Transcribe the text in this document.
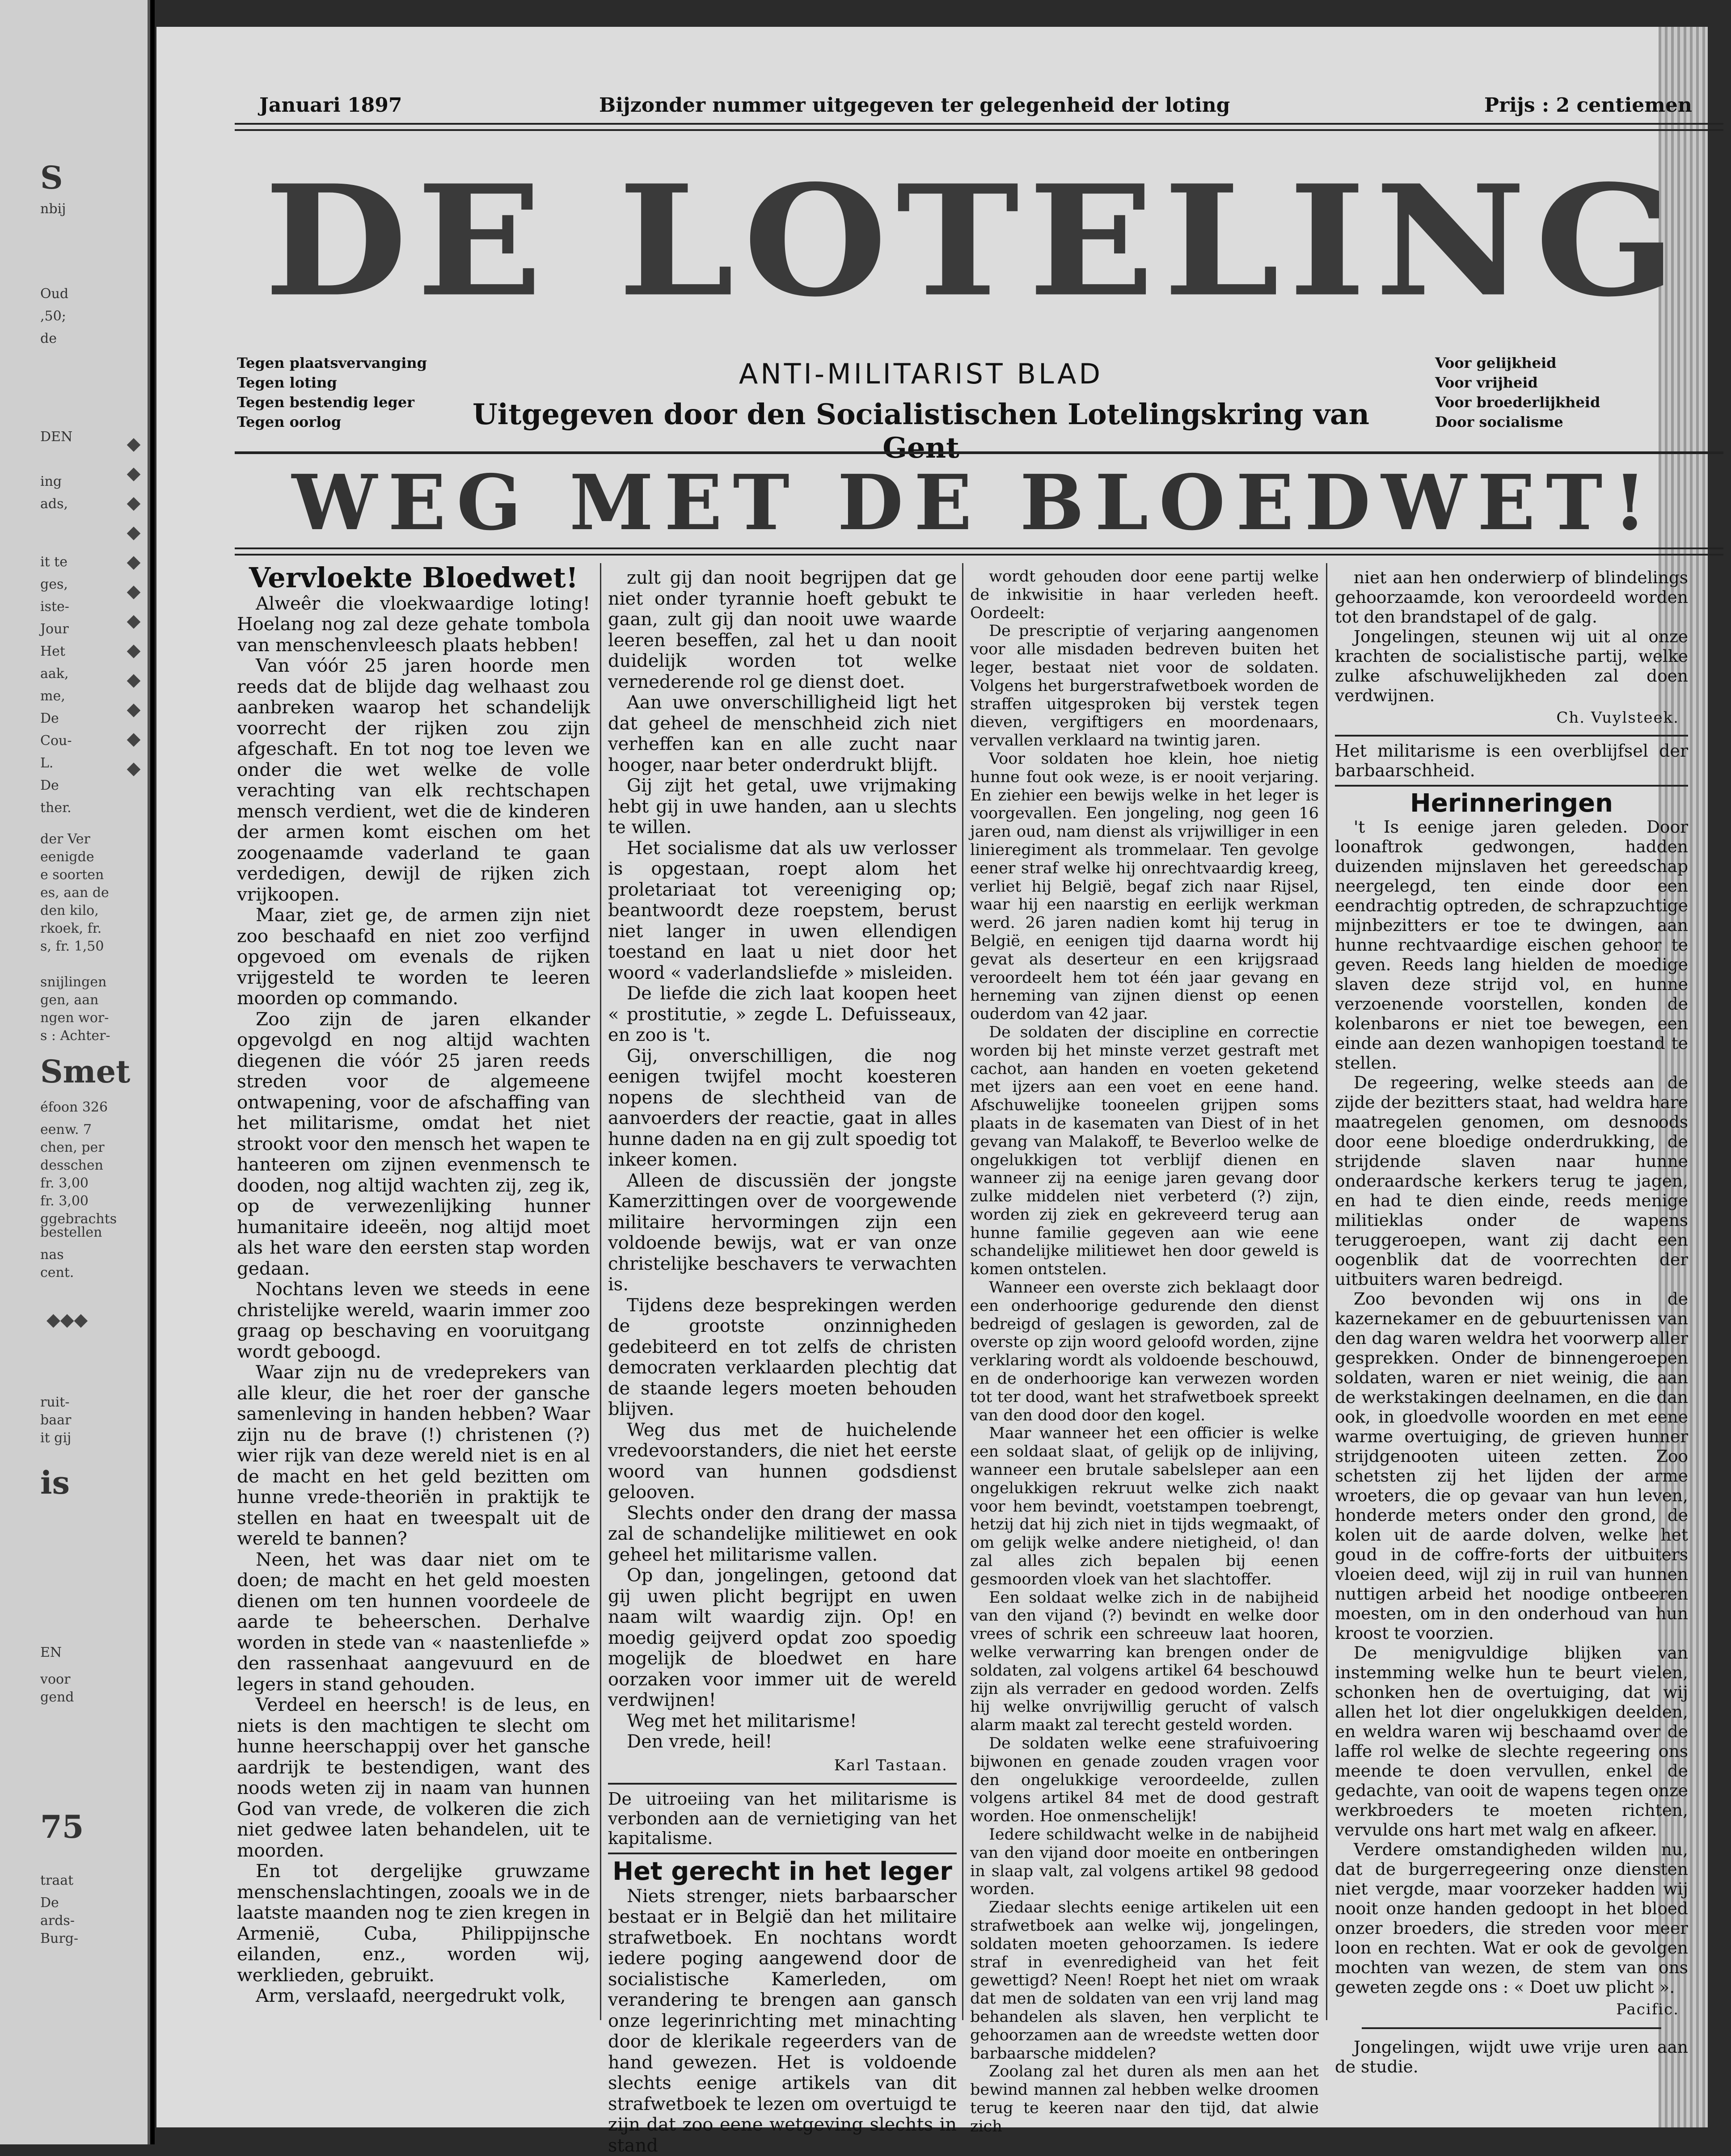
S
nbij
Oud
,50;
de
DEN
ing
ads,
it te
ges,
iste-
Jour
Het
aak,
me,
De
Cou-
L.
De
ther.
der Ver
eenigde
e soorten
es, aan de
den kilo,
rkoek, fr.
s, fr. 1,50
snijlingen
gen, aan
ngen wor-
s : Achter-
Smet
éfoon 326
eenw. 7
chen, per
desschen
fr. 3,00
fr. 3,00
ggebrachts
bestellen
nas
cent.
ruit-
baar
it gij
is
EN
voor
gend
75
traat
De
ards-
Burg-
◆
◆
◆
◆
◆
◆
◆
◆
◆
◆
◆
◆
◆◆◆
Januari 1897	Bijzonder nummer uitgegeven ter gelegenheid der loting	Prijs : 2 centiemen
DE LOTELING
Tegen plaatsvervanging
Tegen loting
Tegen bestendig leger
Tegen oorlog
ANTI-MILITARIST BLAD
Uitgegeven door den Socialistischen Lotelingskring van Gent
Voor gelijkheid
Voor vrijheid
Voor broederlijkheid
Door socialisme
WEG MET DE BLOEDWET!
Vervloekte Bloedwet!

Alweêr die vloekwaardige loting! Hoelang nog zal deze gehate tombola van menschenvleesch plaats hebben!

Van vóór 25 jaren hoorde men reeds dat de blijde dag welhaast zou aanbreken waarop het schandelijk voorrecht der rijken zou zijn afgeschaft. En tot nog toe leven we onder die wet welke de volle verachting van elk rechtschapen mensch verdient, wet die de kinderen der armen komt eischen om het zoogenaamde vaderland te gaan verdedigen, dewijl de rijken zich vrijkoopen.

Maar, ziet ge, de armen zijn niet zoo beschaafd en niet zoo verfijnd opgevoed om evenals de rijken vrijgesteld te worden te leeren moorden op commando.

Zoo zijn de jaren elkander opgevolgd en nog altijd wachten diegenen die vóór 25 jaren reeds streden voor de algemeene ontwapening, voor de afschaffing van het militarisme, omdat het niet strookt voor den mensch het wapen te hanteeren om zijnen evenmensch te dooden, nog altijd wachten zij, zeg ik, op de verwezenlijking hunner humanitaire ideeën, nog altijd moet als het ware den eersten stap worden gedaan.

Nochtans leven we steeds in eene christelijke wereld, waarin immer zoo graag op beschaving en vooruitgang wordt geboogd.

Waar zijn nu de vredeprekers van alle kleur, die het roer der gansche samenleving in handen hebben? Waar zijn nu de brave (!) christenen (?) wier rijk van deze wereld niet is en al de macht en het geld bezitten om hunne vrede-theoriën in praktijk te stellen en haat en tweespalt uit de wereld te bannen?

Neen, het was daar niet om te doen; de macht en het geld moesten dienen om ten hunnen voordeele de aarde te beheerschen. Derhalve worden in stede van « naastenliefde » den rassenhaat aangevuurd en de legers in stand gehouden.

Verdeel en heersch! is de leus, en niets is den machtigen te slecht om hunne heerschappij over het gansche aardrijk te bestendigen, want des noods weten zij in naam van hunnen God van vrede, de volkeren die zich niet gedwee laten behandelen, uit te moorden.

En tot dergelijke gruwzame menschenslachtingen, zooals we in de laatste maanden nog te zien kregen in Armenië, Cuba, Philippijnsche eilanden, enz., worden wij, werklieden, gebruikt.

Arm, verslaafd, neergedrukt volk,

zult gij dan nooit begrijpen dat ge niet onder tyrannie hoeft gebukt te gaan, zult gij dan nooit uwe waarde leeren beseffen, zal het u dan nooit duidelijk worden tot welke vernederende rol ge dienst doet.

Aan uwe onverschilligheid ligt het dat geheel de menschheid zich niet verheffen kan en alle zucht naar hooger, naar beter onderdrukt blijft.

Gij zijt het getal, uwe vrijmaking hebt gij in uwe handen, aan u slechts te willen.

Het socialisme dat als uw verlosser is opgestaan, roept alom het proletariaat tot vereeniging op; beantwoordt deze roepstem, berust niet langer in uwen ellendigen toestand en laat u niet door het woord « vaderlandsliefde » misleiden.

De liefde die zich laat koopen heet « prostitutie, » zegde L. Defuisseaux, en zoo is 't.

Gij, onverschilligen, die nog eenigen twijfel mocht koesteren nopens de slechtheid van de aanvoerders der reactie, gaat in alles hunne daden na en gij zult spoedig tot inkeer komen.

Alleen de discussiën der jongste Kamerzittingen over de voorgewende militaire hervormingen zijn een voldoende bewijs, wat er van onze christelijke beschavers te verwachten is.

Tijdens deze besprekingen werden de grootste onzinnigheden gedebiteerd en tot zelfs de christen democraten verklaarden plechtig dat de staande legers moeten behouden blijven.

Weg dus met de huichelende vredevoorstanders, die niet het eerste woord van hunnen godsdienst gelooven.

Slechts onder den drang der massa zal de schandelijke militiewet en ook geheel het militarisme vallen.

Op dan, jongelingen, getoond dat gij uwen plicht begrijpt en uwen naam wilt waardig zijn. Op! en moedig geijverd opdat zoo spoedig mogelijk de bloedwet en hare oorzaken voor immer uit de wereld verdwijnen!

Weg met het militarisme!

Den vrede, heil!

Karl Tastaan.

De uitroeiing van het militarisme is verbonden aan de vernietiging van het kapitalisme.
Het gerecht in het leger

Niets strenger, niets barbaarscher bestaat er in België dan het militaire strafwetboek. En nochtans wordt iedere poging aangewend door de socialistische Kamerleden, om verandering te brengen aan gansch onze legerinrichting met minachting door de klerikale regeerders van de hand gewezen. Het is voldoende slechts eenige artikels van dit strafwetboek te lezen om overtuigd te zijn dat zoo eene wetgeving slechts in stand

wordt gehouden door eene partij welke de inkwisitie in haar verleden heeft. Oordeelt:

De prescriptie of verjaring aangenomen voor alle misdaden bedreven buiten het leger, bestaat niet voor de soldaten. Volgens het burgerstrafwetboek worden de straffen uitgesproken bij verstek tegen dieven, vergiftigers en moordenaars, vervallen verklaard na twintig jaren.

Voor soldaten hoe klein, hoe nietig hunne fout ook weze, is er nooit verjaring. En ziehier een bewijs welke in het leger is voorgevallen. Een jongeling, nog geen 16 jaren oud, nam dienst als vrijwilliger in een linieregiment als trommelaar. Ten gevolge eener straf welke hij onrechtvaardig kreeg, verliet hij België, begaf zich naar Rijsel, waar hij een naarstig en eerlijk werkman werd. 26 jaren nadien komt hij terug in België, en eenigen tijd daarna wordt hij gevat als deserteur en een krijgsraad veroordeelt hem tot één jaar gevang en herneming van zijnen dienst op eenen ouderdom van 42 jaar.

De soldaten der discipline en correctie worden bij het minste verzet gestraft met cachot, aan handen en voeten geketend met ijzers aan een voet en eene hand. Afschuwelijke tooneelen grijpen soms plaats in de kasematen van Diest of in het gevang van Malakoff, te Beverloo welke de ongelukkigen tot verblijf dienen en wanneer zij na eenige jaren gevang door zulke middelen niet verbeterd (?) zijn, worden zij ziek en gekreveerd terug aan hunne familie gegeven aan wie eene schandelijke militiewet hen door geweld is komen ontstelen.

Wanneer een overste zich beklaagt door een onderhoorige gedurende den dienst bedreigd of geslagen is geworden, zal de overste op zijn woord geloofd worden, zijne verklaring wordt als voldoende beschouwd, en de onderhoorige kan verwezen worden tot ter dood, want het strafwetboek spreekt van den dood door den kogel.

Maar wanneer het een officier is welke een soldaat slaat, of gelijk op de inlijving, wanneer een brutale sabelsleper aan een ongelukkigen rekruut welke zich naakt voor hem bevindt, voetstampen toebrengt, hetzij dat hij zich niet in tijds wegmaakt, of om gelijk welke andere nietigheid, o! dan zal alles zich bepalen bij eenen gesmoorden vloek van het slachtoffer.

Een soldaat welke zich in de nabijheid van den vijand (?) bevindt en welke door vrees of schrik een schreeuw laat hooren, welke verwarring kan brengen onder de soldaten, zal volgens artikel 64 beschouwd zijn als verrader en gedood worden. Zelfs hij welke onvrijwillig gerucht of valsch alarm maakt zal terecht gesteld worden.

De soldaten welke eene strafuivoering bijwonen en genade zouden vragen voor den ongelukkige veroordeelde, zullen volgens artikel 84 met de dood gestraft worden. Hoe onmenschelijk!

Iedere schildwacht welke in de nabijheid van den vijand door moeite en ontberingen in slaap valt, zal volgens artikel 98 gedood worden.

Ziedaar slechts eenige artikelen uit een strafwetboek aan welke wij, jongelingen, soldaten moeten gehoorzamen. Is iedere straf in evenredigheid van het feit gewettigd? Neen! Roept het niet om wraak dat men de soldaten van een vrij land mag behandelen als slaven, hen verplicht te gehoorzamen aan de wreedste wetten door barbaarsche middelen?

Zoolang zal het duren als men aan het bewind mannen zal hebben welke droomen terug te keeren naar den tijd, dat alwie zich

niet aan hen onderwierp of blindelings gehoorzaamde, kon veroordeeld worden tot den brandstapel of de galg.

Jongelingen, steunen wij uit al onze krachten de socialistische partij, welke zulke afschuwelijkheden zal doen verdwijnen.

Ch. Vuylsteek.

Het militarisme is een overblijfsel der barbaarschheid.
Herinneringen

't Is eenige jaren geleden. Door loonaftrok gedwongen, hadden duizenden mijnslaven het gereedschap neergelegd, ten einde door een eendrachtig optreden, de schrapzuchtige mijnbezitters er toe te dwingen, aan hunne rechtvaardige eischen gehoor te geven. Reeds lang hielden de moedige slaven deze strijd vol, en hunne verzoenende voorstellen, konden de kolenbarons er niet toe bewegen, een einde aan dezen wanhopigen toestand te stellen.

De regeering, welke steeds aan de zijde der bezitters staat, had weldra hare maatregelen genomen, om desnoods door eene bloedige onderdrukking, de strijdende slaven naar hunne onderaardsche kerkers terug te jagen, en had te dien einde, reeds menige militieklas onder de wapens teruggeroepen, want zij dacht een oogenblik dat de voorrechten der uitbuiters waren bedreigd.

Zoo bevonden wij ons in de kazernekamer en de gebuurtenissen van den dag waren weldra het voorwerp aller gesprekken. Onder de binnengeroepen soldaten, waren er niet weinig, die aan de werkstakingen deelnamen, en die dan ook, in gloedvolle woorden en met eene warme overtuiging, de grieven hunner strijdgenooten uiteen zetten. Zoo schetsten zij het lijden der arme wroeters, die op gevaar van hun leven, honderde meters onder den grond, de kolen uit de aarde dolven, welke het goud in de coffre-forts der uitbuiters vloeien deed, wijl zij in ruil van hunnen nuttigen arbeid het noodige ontbeeren moesten, om in den onderhoud van hun kroost te voorzien.

De menigvuldige blijken van instemming welke hun te beurt vielen, schonken hen de overtuiging, dat wij allen het lot dier ongelukkigen deelden, en weldra waren wij beschaamd over de laffe rol welke de slechte regeering ons meende te doen vervullen, enkel de gedachte, van ooit de wapens tegen onze werkbroeders te moeten richten, vervulde ons hart met walg en afkeer.

Verdere omstandigheden wilden nu, dat de burgerregeering onze diensten niet vergde, maar voorzeker hadden wij nooit onze handen gedoopt in het bloed onzer broeders, die streden voor meer loon en rechten. Wat er ook de gevolgen mochten van wezen, de stem van ons geweten zegde ons : « Doet uw plicht ».

Pacific.

Jongelingen, wijdt uwe vrije uren aan de studie.
